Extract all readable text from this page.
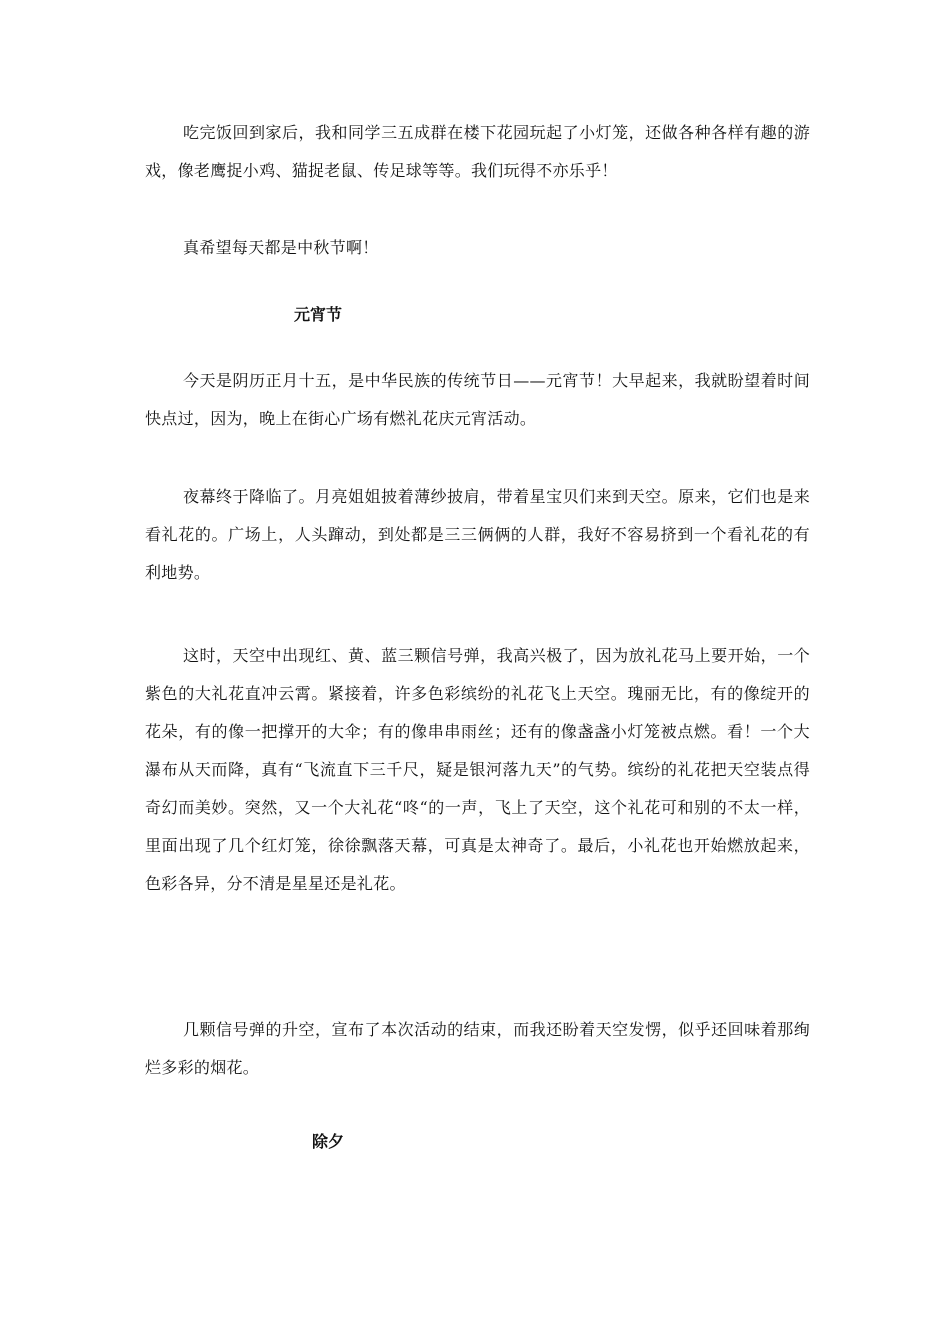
吃完饭回到家后，我和同学三五成群在楼下花园玩起了小灯笼，还做各种各样有趣的游戏，像老鹰捉小鸡、猫捉老鼠、传足球等等。我们玩得不亦乐乎！

真希望每天都是中秋节啊！

元宵节

今天是阴历正月十五，是中华民族的传统节日——元宵节！大早起来，我就盼望着时间快点过，因为，晚上在街心广场有燃礼花庆元宵活动。

夜幕终于降临了。月亮姐姐披着薄纱披肩，带着星宝贝们来到天空。原来，它们也是来看礼花的。广场上，人头蹿动，到处都是三三俩俩的人群，我好不容易挤到一个看礼花的有利地势。

这时，天空中出现红、黄、蓝三颗信号弹，我高兴极了，因为放礼花马上要开始，一个紫色的大礼花直冲云霄。紧接着，许多色彩缤纷的礼花飞上天空。瑰丽无比，有的像绽开的花朵，有的像一把撑开的大伞；有的像串串雨丝；还有的像盏盏小灯笼被点燃。看！一个大瀑布从天而降，真有“飞流直下三千尺，疑是银河落九天”的气势。缤纷的礼花把天空装点得奇幻而美妙。突然，又一个大礼花“咚“的一声，飞上了天空，这个礼花可和别的不太一样，里面出现了几个红灯笼，徐徐飘落天幕，可真是太神奇了。最后，小礼花也开始燃放起来，色彩各异，分不清是星星还是礼花。

几颗信号弹的升空，宣布了本次活动的结束，而我还盼着天空发愣，似乎还回味着那绚烂多彩的烟花。

除夕
